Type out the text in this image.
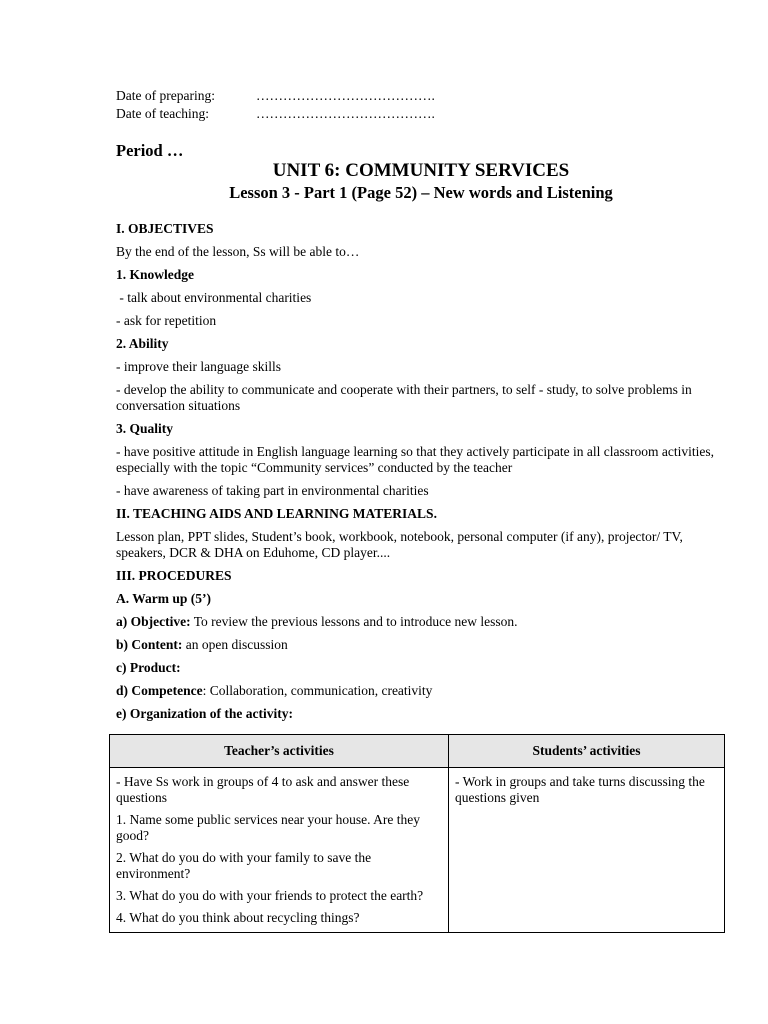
Date of preparing:	………………………………….
Date of teaching:	………………………………….
Period …
UNIT 6: COMMUNITY SERVICES
Lesson 3 - Part 1 (Page 52) – New words and Listening

I. OBJECTIVES

By the end of the lesson, Ss will be able to…

1. Knowledge

- talk about environmental charities

- ask for repetition

2. Ability

- improve their language skills

- develop the ability to communicate and cooperate with their partners, to self - study, to solve problems in conversation situations

3. Quality

- have positive attitude in English language learning so that they actively participate in all classroom activities, especially with the topic “Community services” conducted by the teacher

- have awareness of taking part in environmental charities

II. TEACHING AIDS AND LEARNING MATERIALS.

Lesson plan, PPT slides, Student’s book, workbook, notebook, personal computer (if any), projector/ TV, speakers, DCR & DHA on Eduhome, CD player....

III. PROCEDURES

A. Warm up (5’)

a) Objective: To review the previous lessons and to introduce new lesson.

b) Content: an open discussion

c) Product:

d) Competence: Collaboration, communication, creativity

e) Organization of the activity:

Teacher’s activities	Students’ activities

- Have Ss work in groups of 4 to ask and answer these questions

1. Name some public services near your house. Are they good?

2. What do you do with your family to save the environment?

3. What do you do with your friends to protect the earth?

4. What do you think about recycling things?	- Work in groups and take turns discussing the questions given
